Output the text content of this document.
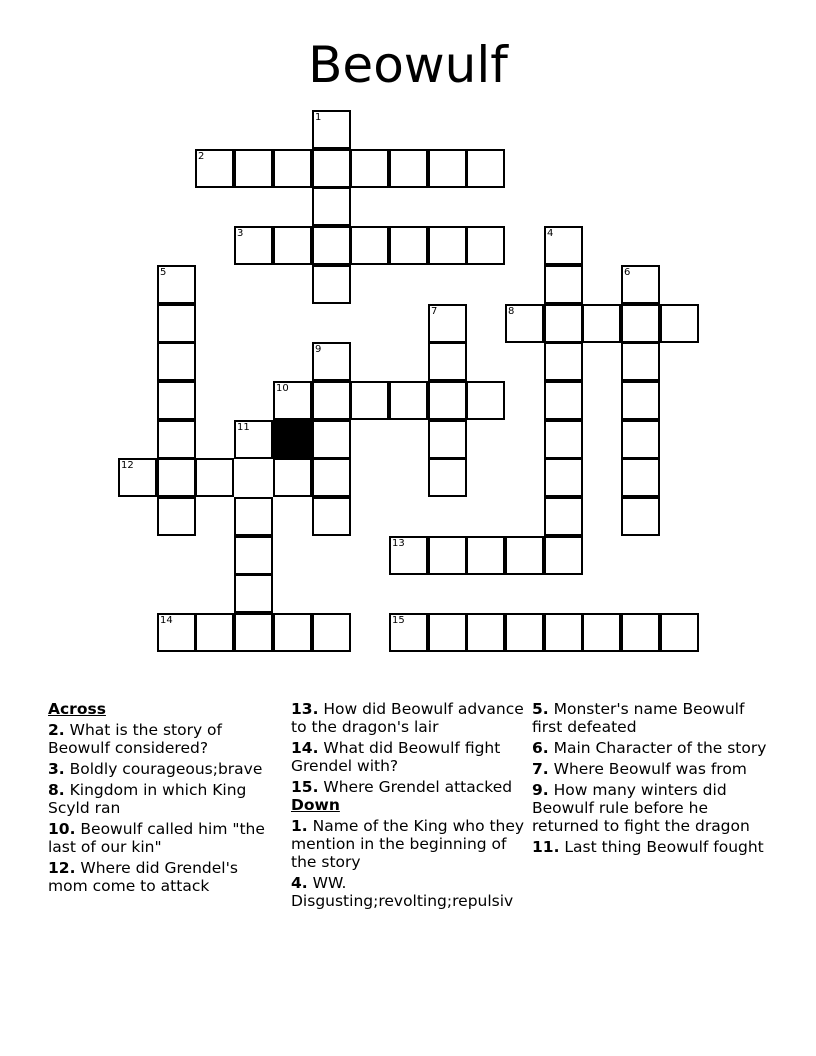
Beowulf
1
2
3	4
5	6
7	8
9
10
11
12
13
14	15
Across
2. What is the story of Beowulf considered?
3. Boldly courageous;brave
8. Kingdom in which King Scyld ran
10. Beowulf called him "the last of our kin"
12. Where did Grendel's mom come to attack
13. How did Beowulf advance to the dragon's lair
14. What did Beowulf fight Grendel with?
15. Where Grendel attacked
Down
1. Name of the King who they mention in the beginning of the story
4. WW.
Disgusting;revolting;repulsiv
5. Monster's name Beowulf first defeated
6. Main Character of the story
7. Where Beowulf was from
9. How many winters did Beowulf rule before he returned to fight the dragon
11. Last thing Beowulf fought
